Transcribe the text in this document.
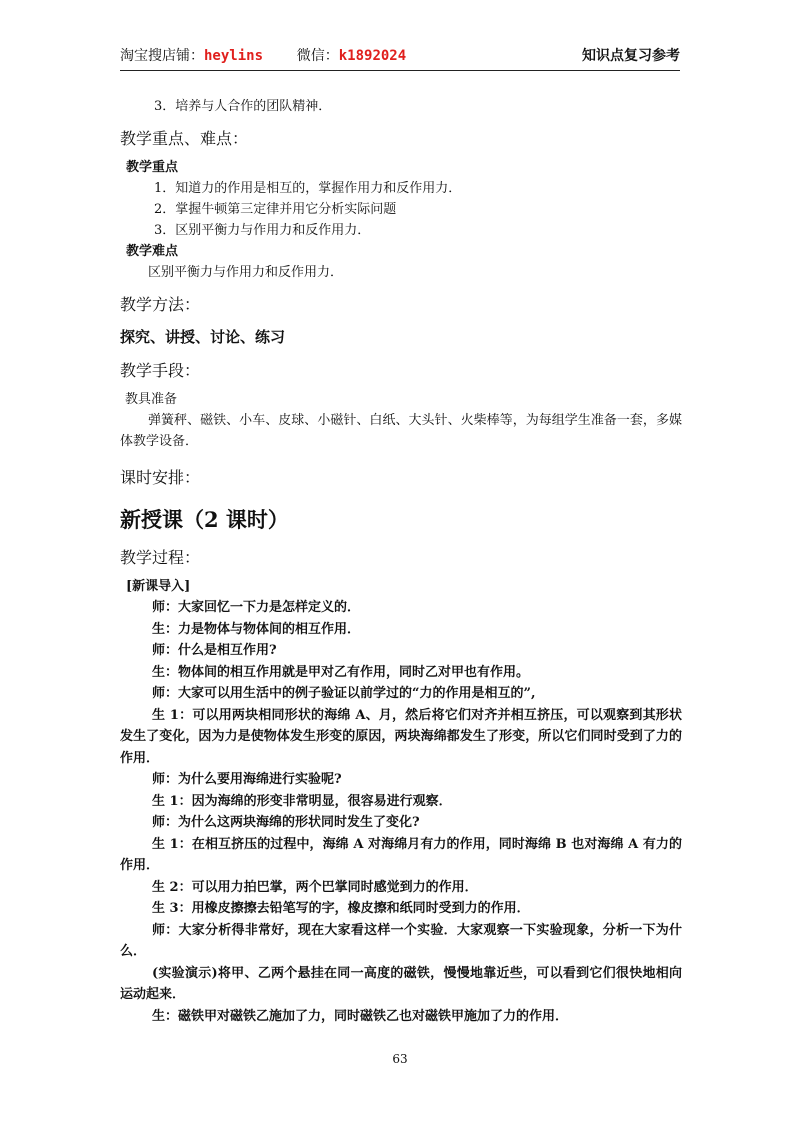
淘宝搜店铺：heylins 微信：k1892024	知识点复习参考

3．培养与人合作的团队精神．

教学重点、难点：

教学重点

1．知道力的作用是相互的，掌握作用力和反作用力．

2．掌握牛顿第三定律并用它分析实际问题

3．区别平衡力与作用力和反作用力．

教学难点

区别平衡力与作用力和反作用力．

教学方法：
探究、讲授、讨论、练习
教学手段：

教具准备

弹簧秤、磁铁、小车、皮球、小磁针、白纸、大头针、火柴棒等，为每组学生准备一套，多媒体教学设备．

课时安排：
新授课（2 课时）
教学过程：

[新课导入]

师：大家回忆一下力是怎样定义的．

生：力是物体与物体间的相互作用．

师：什么是相互作用?

生：物体间的相互作用就是甲对乙有作用，同时乙对甲也有作用。

师：大家可以用生活中的例子验证以前学过的“力的作用是相互的”,

生 1：可以用两块相同形状的海绵 A、月，然后将它们对齐并相互挤压，可以观察到其形状发生了变化，因为力是使物体发生形变的原因，两块海绵都发生了形变，所以它们同时受到了力的作用．

师：为什么要用海绵进行实验呢?

生 1：因为海绵的形变非常明显，很容易进行观察．

师：为什么这两块海绵的形状同时发生了变化?

生 1：在相互挤压的过程中，海绵 A 对海绵月有力的作用，同时海绵 B 也对海绵 A 有力的作用．

生 2：可以用力拍巴掌，两个巴掌同时感觉到力的作用．

生 3：用橡皮擦擦去铅笔写的字，橡皮擦和纸同时受到力的作用．

师：大家分析得非常好，现在大家看这样一个实验．大家观察一下实验现象，分析一下为什么．

(实验演示)将甲、乙两个悬挂在同一高度的磁铁，慢慢地靠近些，可以看到它们很快地相向运动起来．

生：磁铁甲对磁铁乙施加了力，同时磁铁乙也对磁铁甲施加了力的作用．

63
